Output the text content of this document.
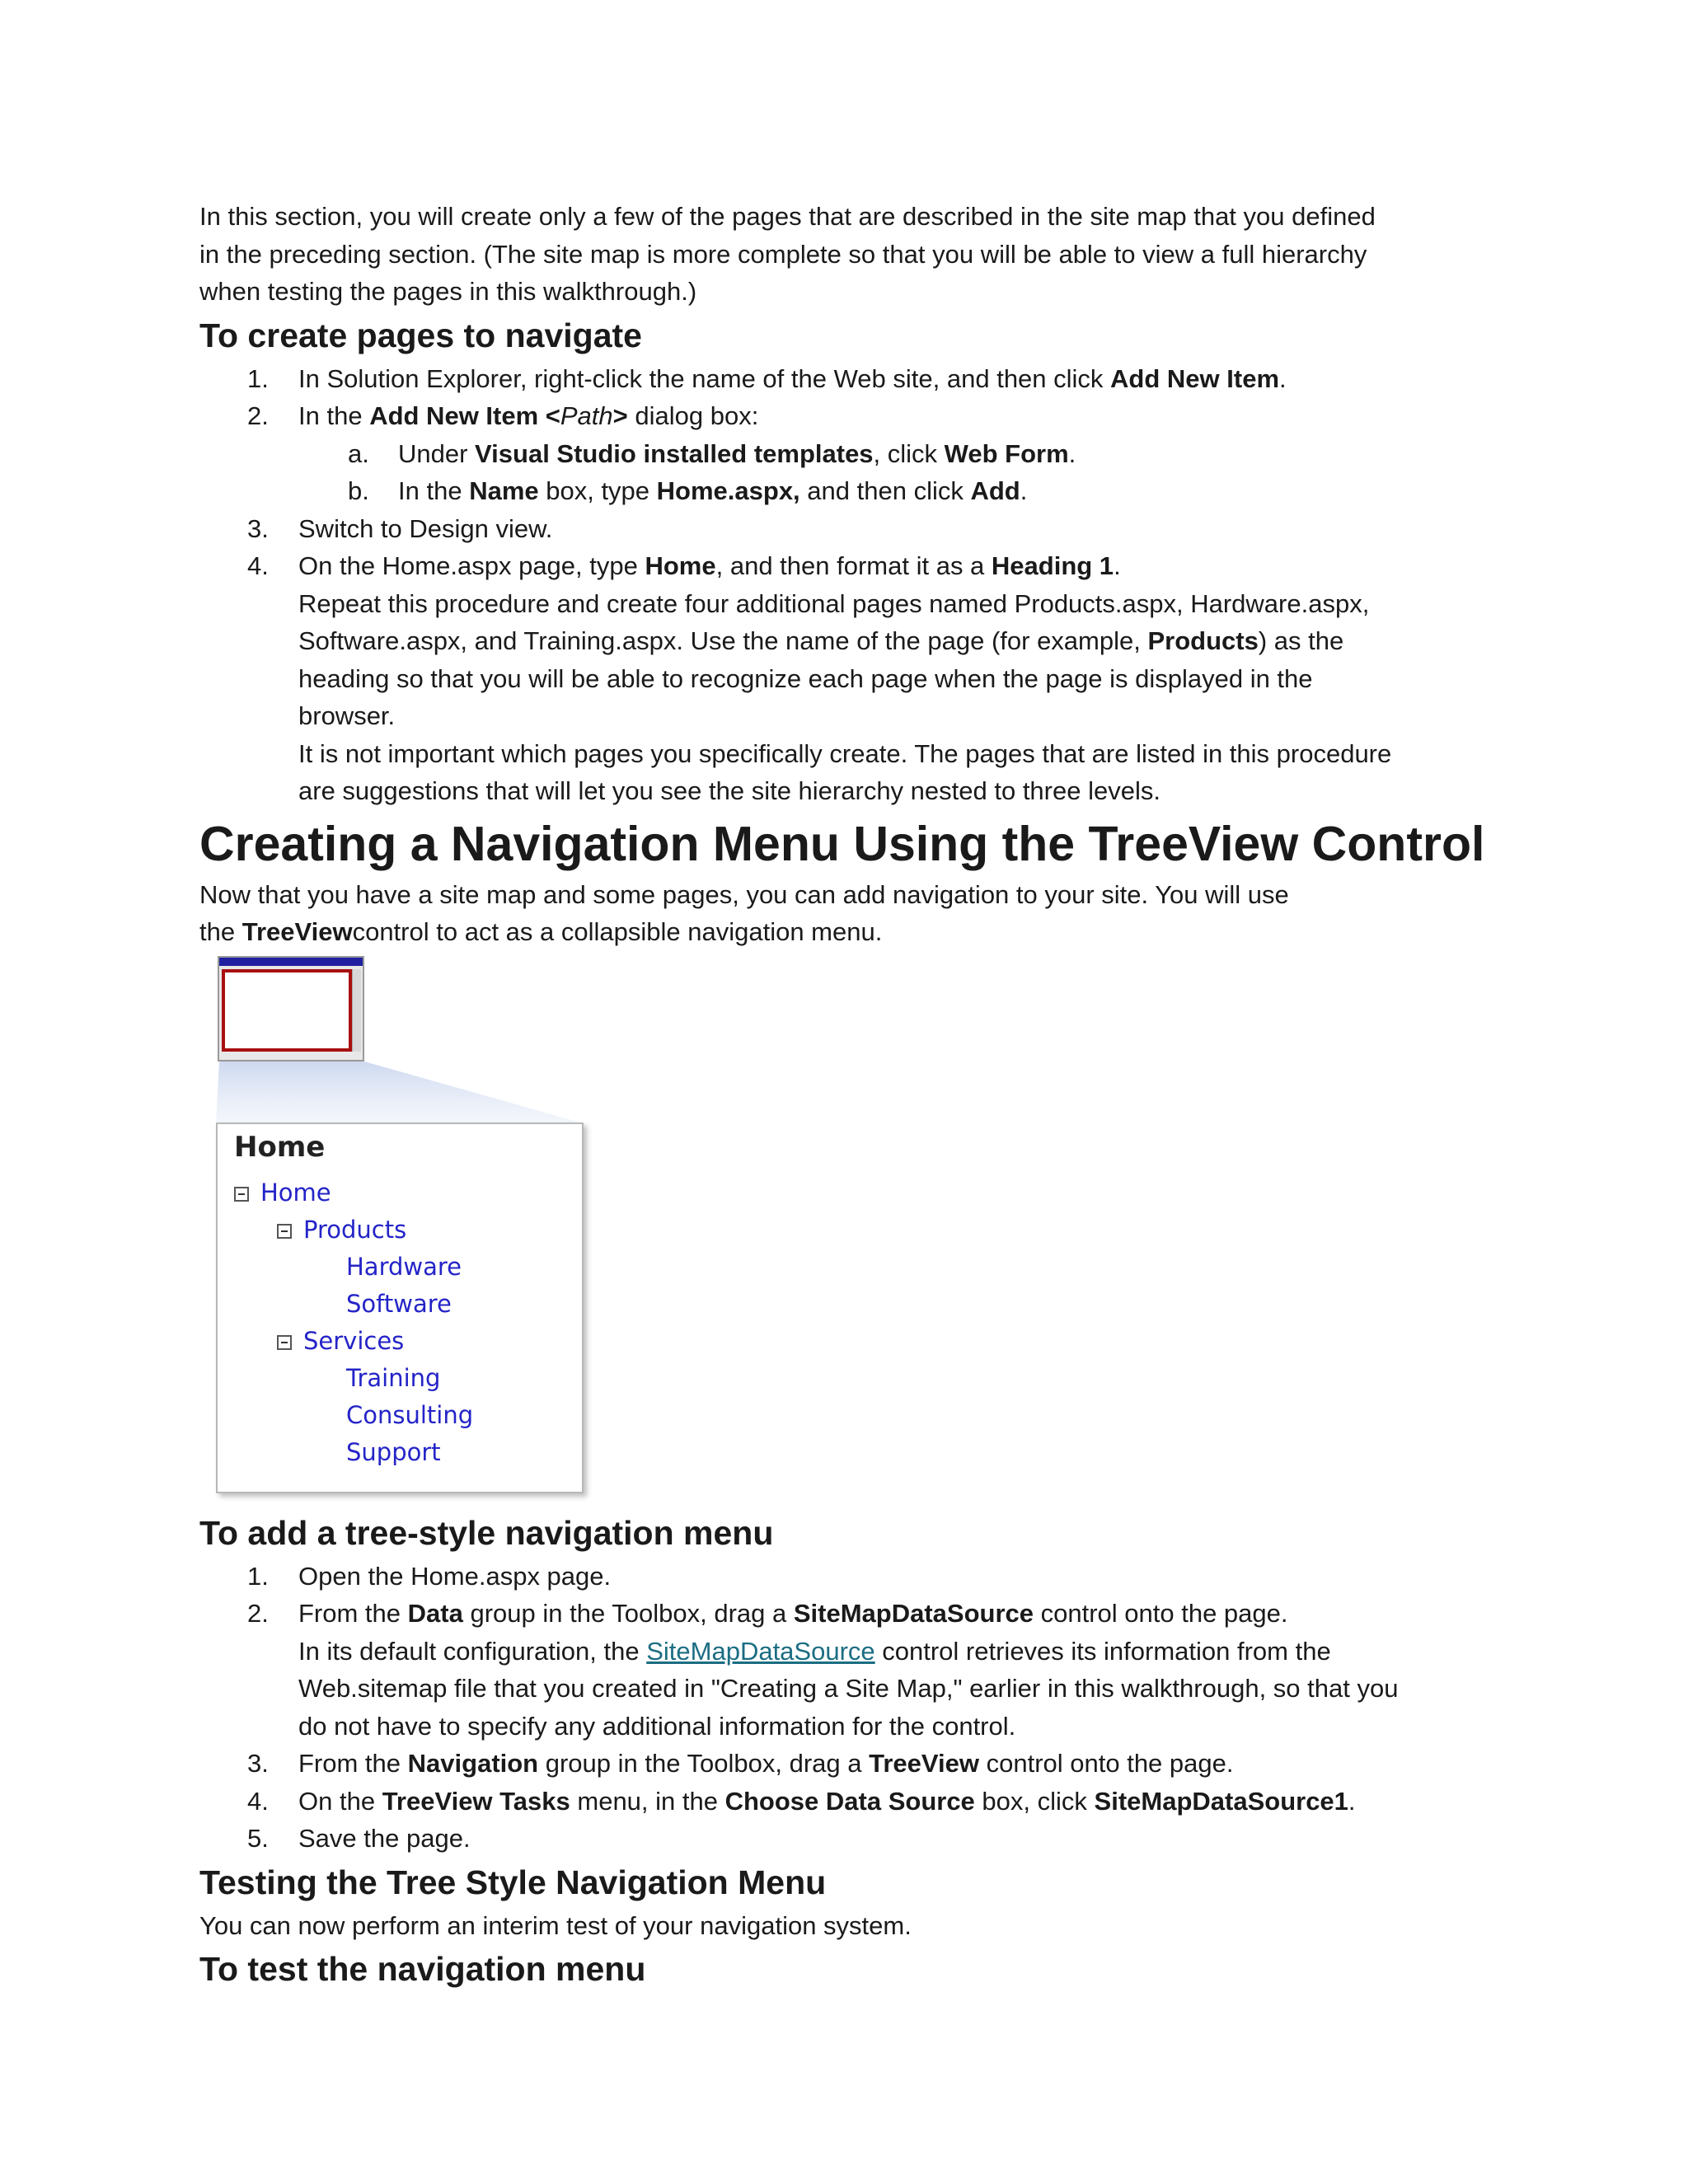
In this section, you will create only a few of the pages that are described in the site map that you defined
in the preceding section. (The site map is more complete so that you will be able to view a full hierarchy
when testing the pages in this walkthrough.)

To create pages to navigate
1. In Solution Explorer, right-click the name of the Web site, and then click Add New Item.
2. In the Add New Item <Path> dialog box:
a. Under Visual Studio installed templates, click Web Form.
b. In the Name box, type Home.aspx, and then click Add.
3. Switch to Design view.
4. On the Home.aspx page, type Home, and then format it as a Heading 1.
Repeat this procedure and create four additional pages named Products.aspx, Hardware.aspx,
Software.aspx, and Training.aspx. Use the name of the page (for example, Products) as the
heading so that you will be able to recognize each page when the page is displayed in the
browser.
It is not important which pages you specifically create. The pages that are listed in this procedure
are suggestions that will let you see the site hierarchy nested to three levels.
Creating a Navigation Menu Using the TreeView Control

Now that you have a site map and some pages, you can add navigation to your site. You will use
the TreeViewcontrol to act as a collapsible navigation menu.

Home
Home
Products
Hardware
Software
Services
Training
Consulting
Support
To add a tree-style navigation menu
1. Open the Home.aspx page.
2. From the Data group in the Toolbox, drag a SiteMapDataSource control onto the page.
In its default configuration, the SiteMapDataSource control retrieves its information from the
Web.sitemap file that you created in "Creating a Site Map," earlier in this walkthrough, so that you
do not have to specify any additional information for the control.
3. From the Navigation group in the Toolbox, drag a TreeView control onto the page.
4. On the TreeView Tasks menu, in the Choose Data Source box, click SiteMapDataSource1.
5. Save the page.
Testing the Tree Style Navigation Menu

You can now perform an interim test of your navigation system.

To test the navigation menu
